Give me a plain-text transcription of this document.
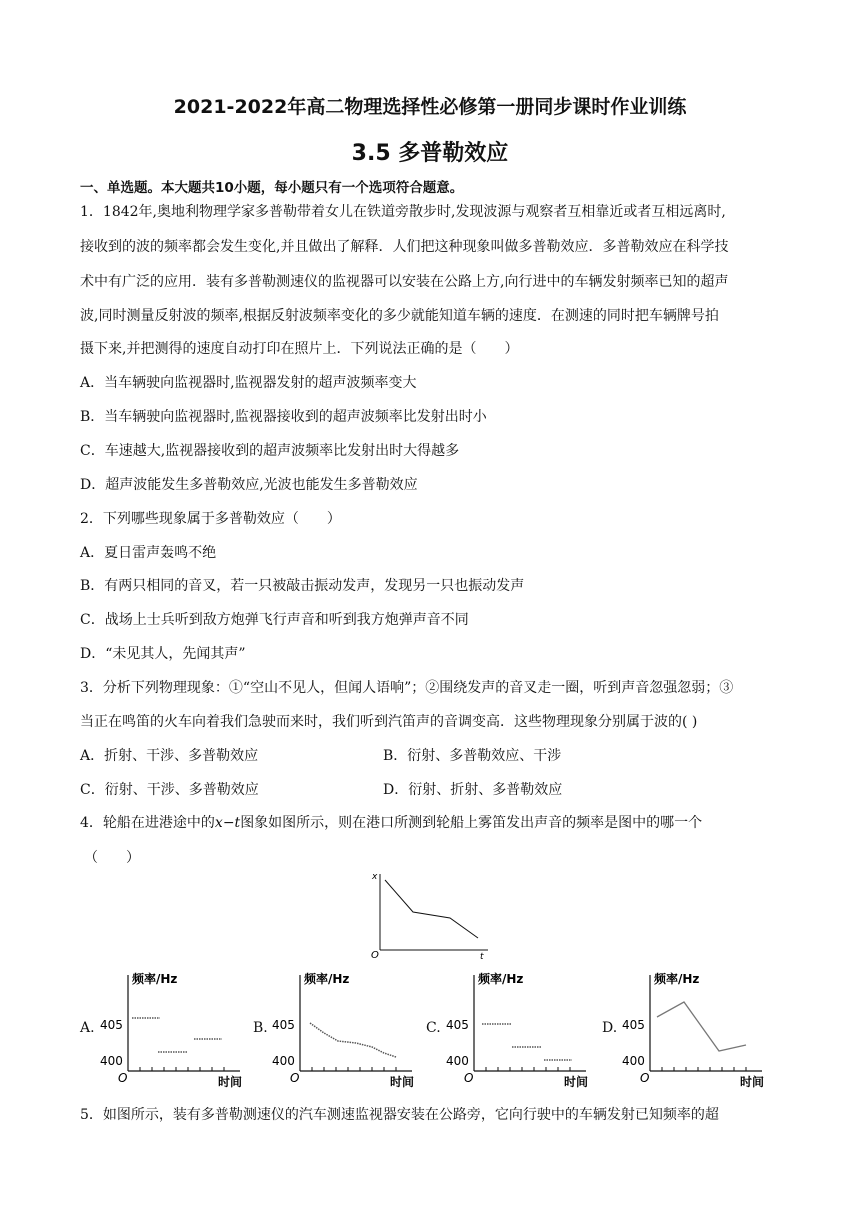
2021-2022年高二物理选择性必修第一册同步课时作业训练
3.5 多普勒效应
一、单选题。本大题共10小题，每小题只有一个选项符合题意。
1．1842年,奥地利物理学家多普勒带着女儿在铁道旁散步时,发现波源与观察者互相靠近或者互相远离时,
接收到的波的频率都会发生变化,并且做出了解释．人们把这种现象叫做多普勒效应．多普勒效应在科学技
术中有广泛的应用．装有多普勒测速仪的监视器可以安装在公路上方,向行进中的车辆发射频率已知的超声
波,同时测量反射波的频率,根据反射波频率变化的多少就能知道车辆的速度．在测速的同时把车辆牌号拍
摄下来,并把测得的速度自动打印在照片上．下列说法正确的是（　　）
A．当车辆驶向监视器时,监视器发射的超声波频率变大
B．当车辆驶向监视器时,监视器接收到的超声波频率比发射出时小
C．车速越大,监视器接收到的超声波频率比发射出时大得越多
D．超声波能发生多普勒效应,光波也能发生多普勒效应
2．下列哪些现象属于多普勒效应（　　）
A．夏日雷声轰鸣不绝
B．有两只相同的音叉，若一只被敲击振动发声，发现另一只也振动发声
C．战场上士兵听到敌方炮弹飞行声音和听到我方炮弹声音不同
D．“未见其人，先闻其声”
3．分析下列物理现象：①“空山不见人，但闻人语响”；②围绕发声的音叉走一圈，听到声音忽强忽弱；③
当正在鸣笛的火车向着我们急驶而来时，我们听到汽笛声的音调变高．这些物理现象分别属于波的( )
A．折射、干涉、多普勒效应	B．衍射、多普勒效应、干涉
C．衍射、干涉、多普勒效应	D．衍射、折射、多普勒效应
4．轮船在进港途中的x−t图象如图所示，则在港口所测到轮船上雾笛发出声音的频率是图中的哪一个
（　　）
x
t
O
A.
频率/Hz
405
400
O	时间
B.
频率/Hz
405
400
O	时间
C.
频率/Hz
405
400
O	时间
D.
频率/Hz
405
400
O	时间
5．如图所示，装有多普勒测速仪的汽车测速监视器安装在公路旁，它向行驶中的车辆发射已知频率的超
